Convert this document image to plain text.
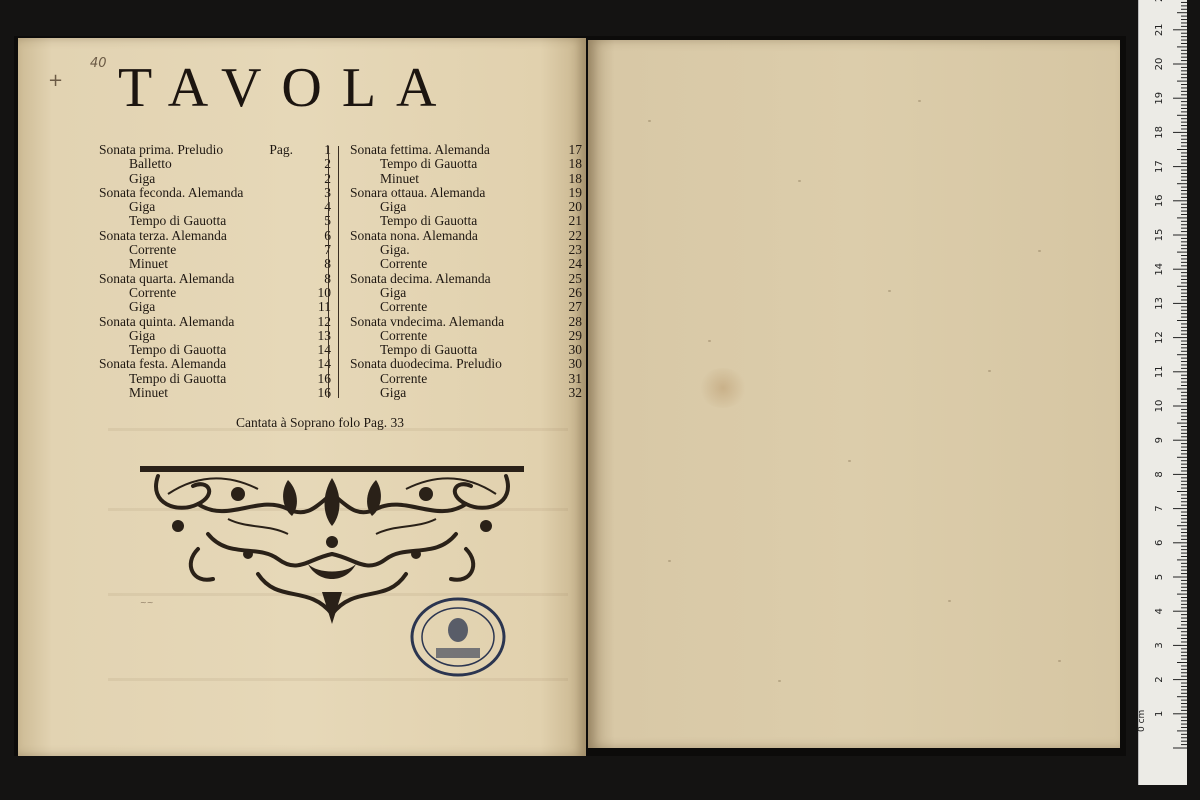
40
+ TAVOLA
Sonata prima. Preludio	Pag. 1
Balletto	2
Giga	2
Sonata feconda. Alemanda	3
Giga	4
Tempo di Gauotta	5
Sonata terza. Alemanda	6
Corrente	7
Minuet	8
Sonata quarta. Alemanda	8
Corrente	10
Giga	11
Sonata quinta. Alemanda	12
Giga	13
Tempo di Gauotta	14
Sonata festa. Alemanda	14
Tempo di Gauotta	16
Minuet	16
Sonata fettima. Alemanda	17
Tempo di Gauotta	18
Minuet	18
Sonara ottaua. Alemanda	19
Giga	20
Tempo di Gauotta	21
Sonata nona. Alemanda	22
Giga.	23
Corrente	24
Sonata decima. Alemanda	25
Giga	26
Corrente	27
Sonata vndecima. Alemanda	28
Corrente	29
Tempo di Gauotta	30
Sonata duodecima. Preludio	30
Corrente	31
Giga	32
Cantata à Soprano folo Pag. 33
~~
1
2
3
4
5
6
7
8
9
10
11
12
13
14
15
16
17
18
19
20
21
0 cm
